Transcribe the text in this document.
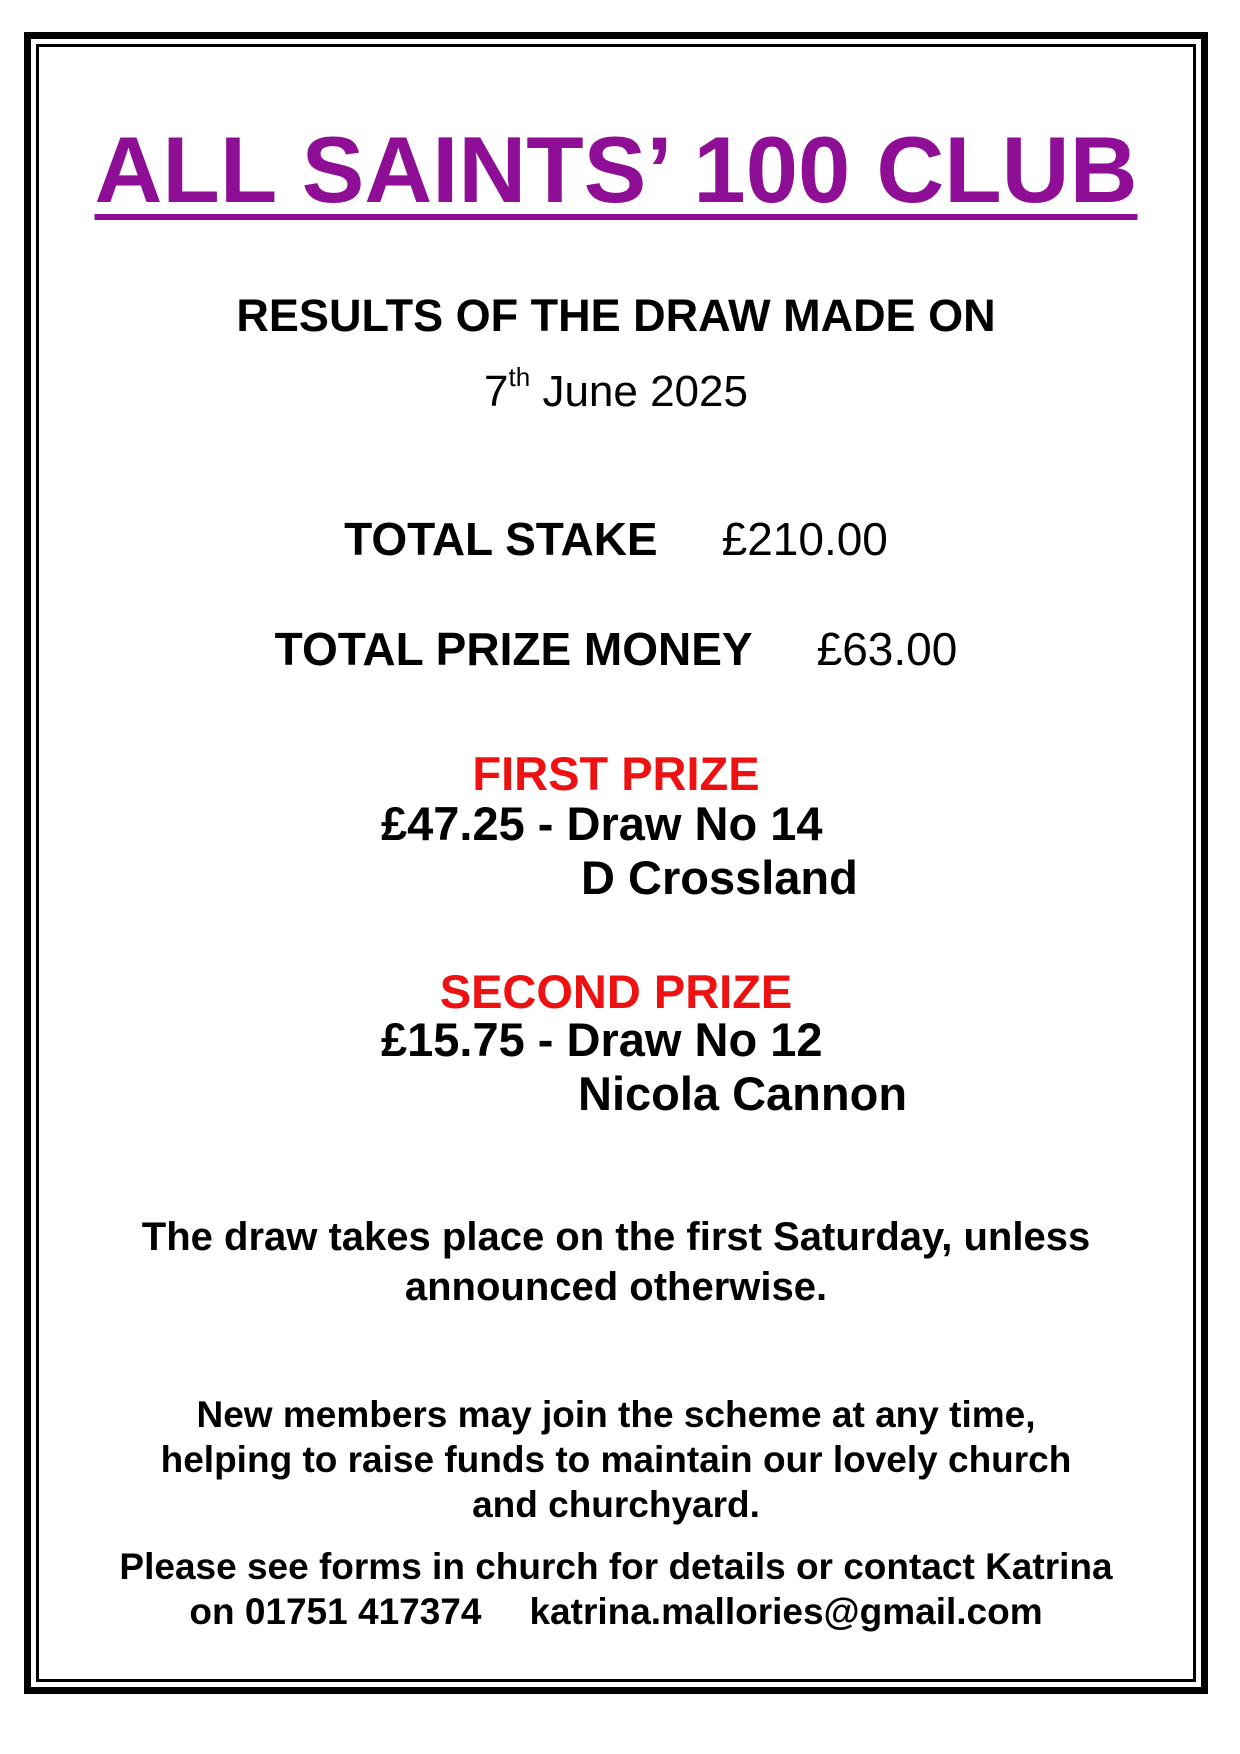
ALL SAINTS’ 100 CLUB
RESULTS OF THE DRAW MADE ON
7th June 2025
TOTAL STAKE £210.00
TOTAL PRIZE MONEY £63.00
FIRST PRIZE
£47.25 - Draw No 14
D Crossland
SECOND PRIZE
£15.75 - Draw No 12
Nicola Cannon
The draw takes place on the first Saturday, unless
announced otherwise.
New members may join the scheme at any time,
helping to raise funds to maintain our lovely church
and churchyard.
Please see forms in church for details or contact Katrina
on 01751 417374 katrina.mallories@gmail.com
